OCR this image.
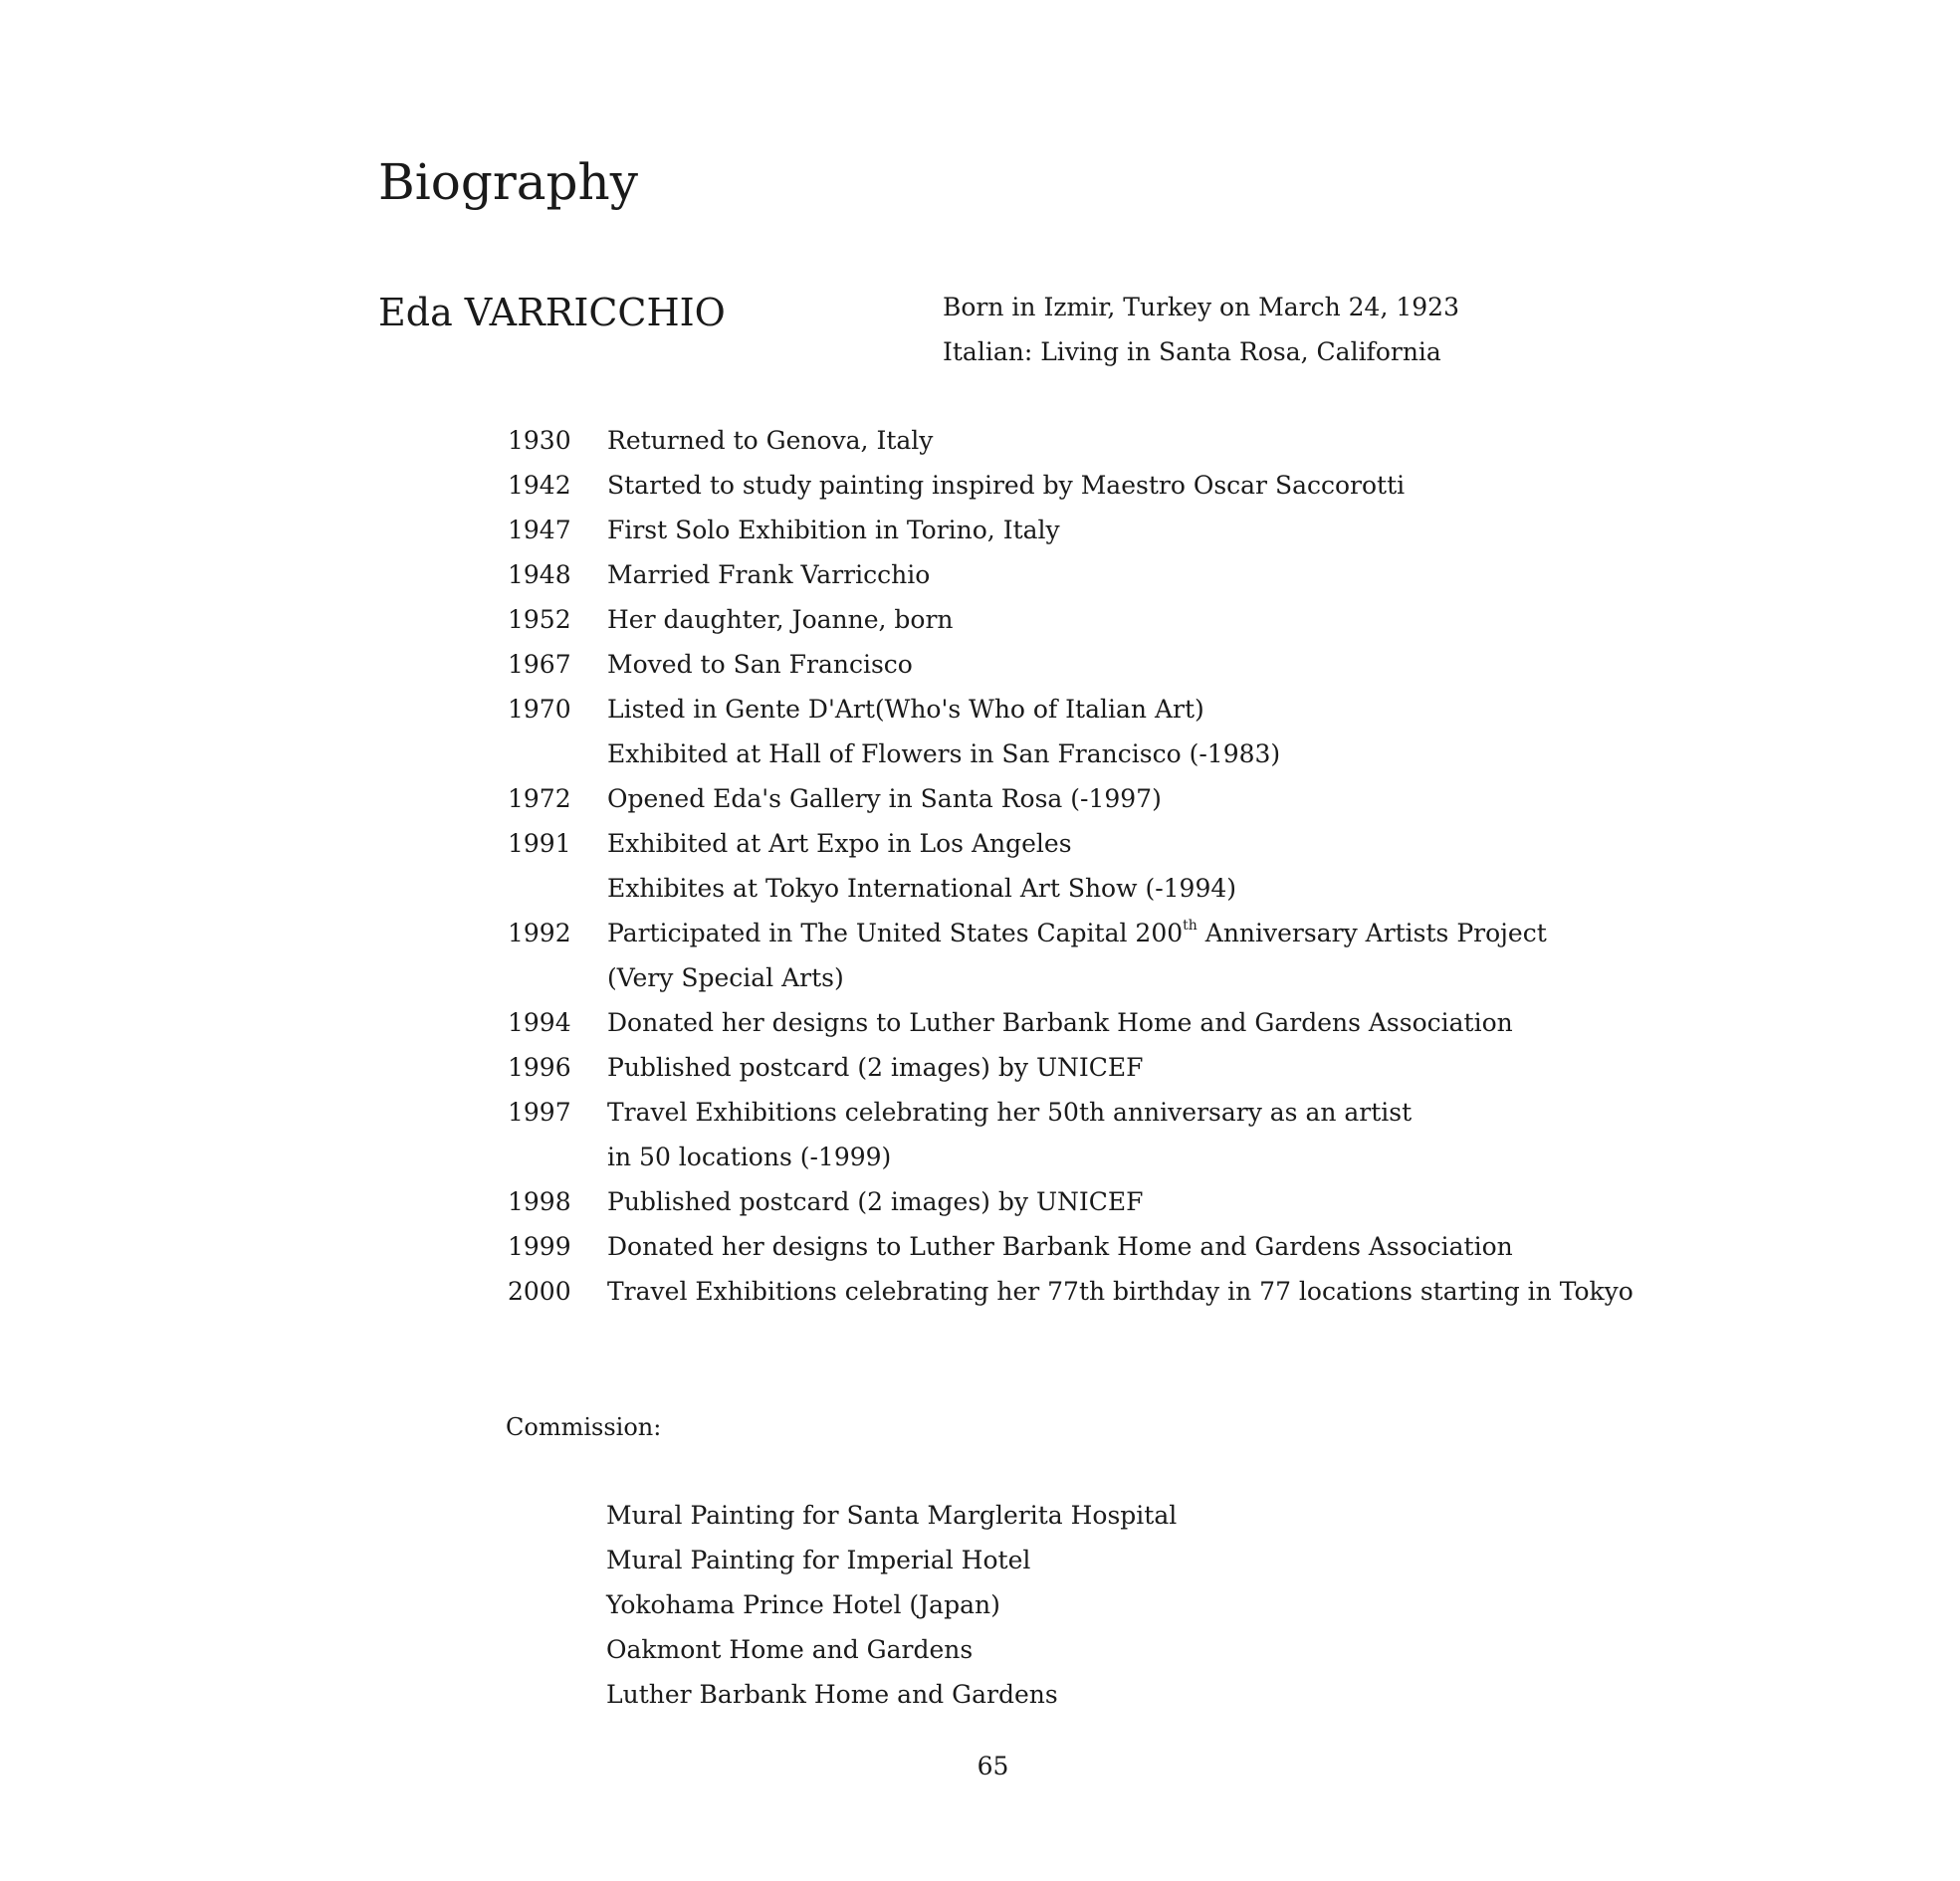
Biography
Eda VARRICCHIO	Born in Izmir, Turkey on March 24, 1923
Italian: Living in Santa Rosa, California
1930	Returned to Genova, Italy
1942	Started to study painting inspired by Maestro Oscar Saccorotti
1947	First Solo Exhibition in Torino, Italy
1948	Married Frank Varricchio
1952	Her daughter, Joanne, born
1967	Moved to San Francisco
1970	Listed in Gente D'Art(Who's Who of Italian Art)
Exhibited at Hall of Flowers in San Francisco (-1983)
1972	Opened Eda's Gallery in Santa Rosa (-1997)
1991	Exhibited at Art Expo in Los Angeles
Exhibites at Tokyo International Art Show (-1994)
1992	Participated in The United States Capital 200th Anniversary Artists Project
(Very Special Arts)
1994	Donated her designs to Luther Barbank Home and Gardens Association
1996	Published postcard (2 images) by UNICEF
1997	Travel Exhibitions celebrating her 50th anniversary as an artist
in 50 locations (-1999)
1998	Published postcard (2 images) by UNICEF
1999	Donated her designs to Luther Barbank Home and Gardens Association
2000	Travel Exhibitions celebrating her 77th birthday in 77 locations starting in Tokyo
Commission:
Mural Painting for Santa Marglerita Hospital
Mural Painting for Imperial Hotel
Yokohama Prince Hotel (Japan)
Oakmont Home and Gardens
Luther Barbank Home and Gardens
65
